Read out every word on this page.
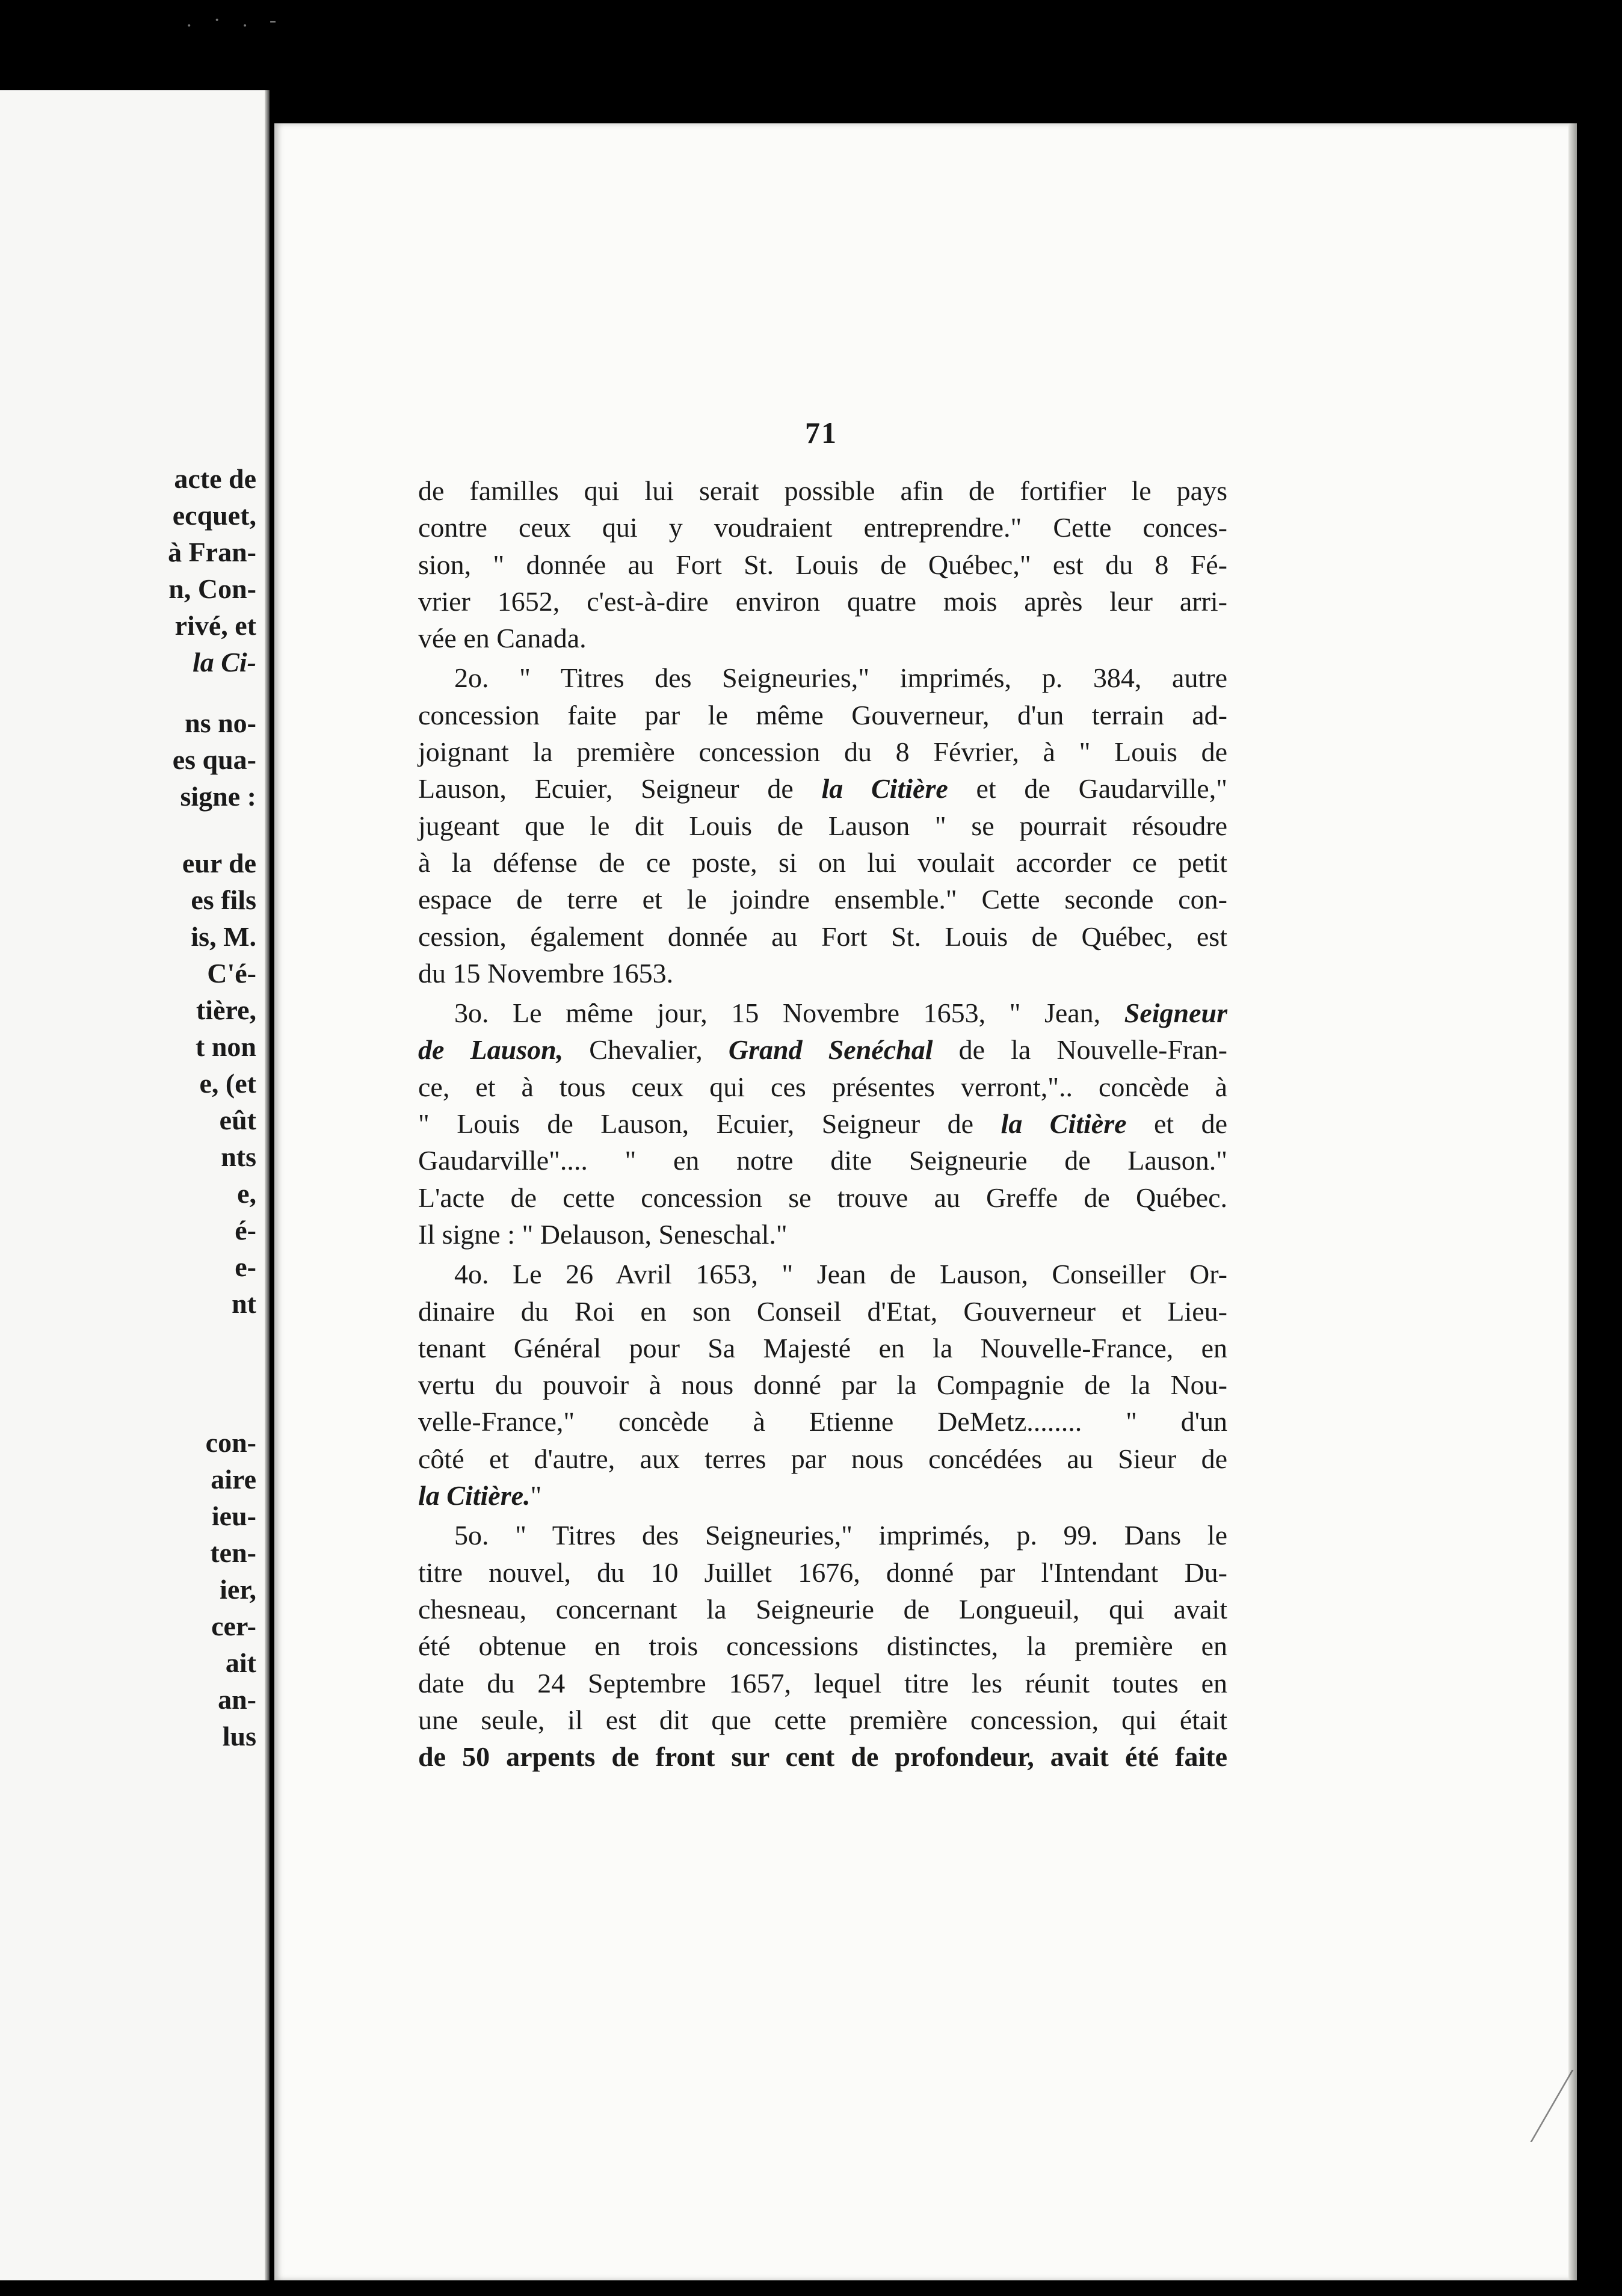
. · . -
acte de
ecquet,
à Fran-
n, Con-
rivé, et
la Ci-
ns no-
es qua-
signe :
eur de
es fils
is, M.
C'é-
tière,
t non
e, (et
eût
nts
e,
é-
e-
nt
con-
aire
ieu-
ten-
ier,
cer-
ait
an-
lus
71
de familles qui lui serait possible afin de fortifier le pays
contre ceux qui y voudraient entreprendre." Cette conces-
sion, " donnée au Fort St. Louis de Québec," est du 8 Fé-
vrier 1652, c'est-à-dire environ quatre mois après leur arri-
vée en Canada.
2o. " Titres des Seigneuries," imprimés, p. 384, autre
concession faite par le même Gouverneur, d'un terrain ad-
joignant la première concession du 8 Février, à " Louis de
Lauson, Ecuier, Seigneur de la Citière et de Gaudarville,"
jugeant que le dit Louis de Lauson " se pourrait résoudre
à la défense de ce poste, si on lui voulait accorder ce petit
espace de terre et le joindre ensemble." Cette seconde con-
cession, également donnée au Fort St. Louis de Québec, est
du 15 Novembre 1653.
3o. Le même jour, 15 Novembre 1653, " Jean, Seigneur
de Lauson, Chevalier, Grand Senéchal de la Nouvelle-Fran-
ce, et à tous ceux qui ces présentes verront,".. concède à
" Louis de Lauson, Ecuier, Seigneur de la Citière et de
Gaudarville".... " en notre dite Seigneurie de Lauson."
L'acte de cette concession se trouve au Greffe de Québec.
Il signe : " Delauson, Seneschal."
4o. Le 26 Avril 1653, " Jean de Lauson, Conseiller Or-
dinaire du Roi en son Conseil d'Etat, Gouverneur et Lieu-
tenant Général pour Sa Majesté en la Nouvelle-France, en
vertu du pouvoir à nous donné par la Compagnie de la Nou-
velle-France," concède à Etienne DeMetz........ " d'un
côté et d'autre, aux terres par nous concédées au Sieur de
la Citière."
5o. " Titres des Seigneuries," imprimés, p. 99. Dans le
titre nouvel, du 10 Juillet 1676, donné par l'Intendant Du-
chesneau, concernant la Seigneurie de Longueuil, qui avait
été obtenue en trois concessions distinctes, la première en
date du 24 Septembre 1657, lequel titre les réunit toutes en
une seule, il est dit que cette première concession, qui était
de 50 arpents de front sur cent de profondeur, avait été faite
